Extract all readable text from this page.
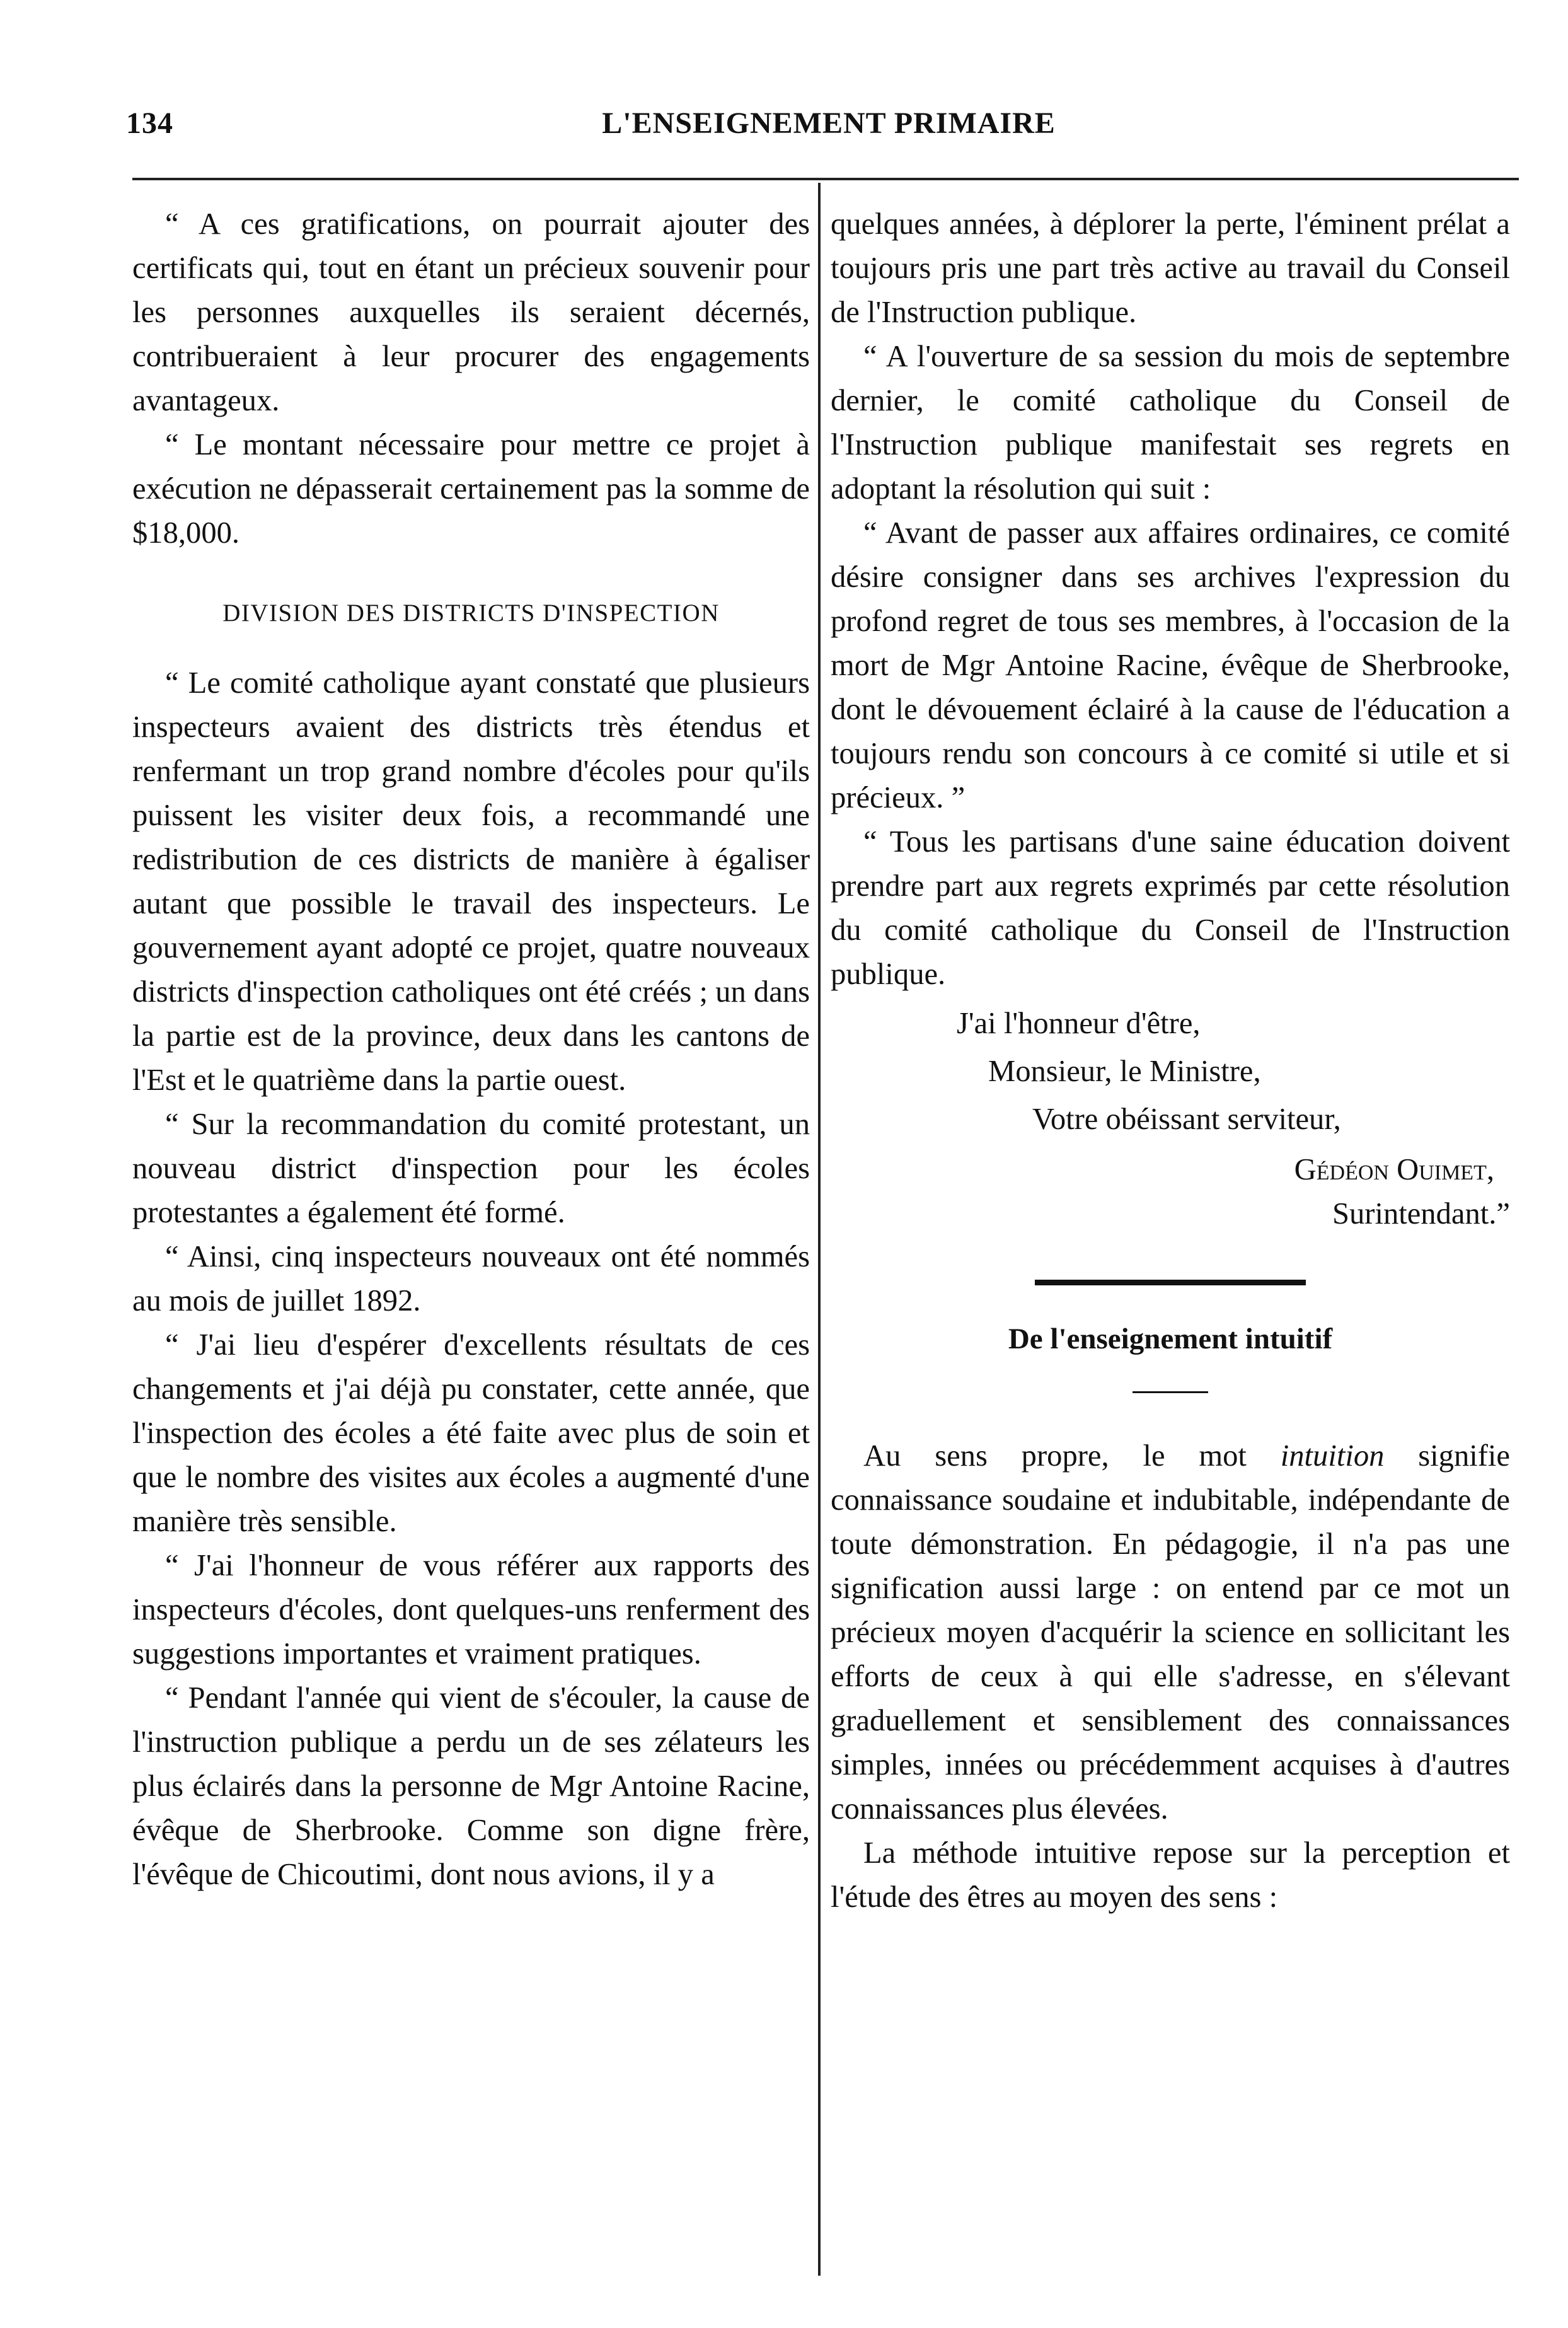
134	L'ENSEIGNEMENT PRIMAIRE

“ A ces gratifications, on pourrait ajouter des certificats qui, tout en étant un précieux souvenir pour les personnes auxquelles ils seraient décernés, contribueraient à leur procurer des engagements avantageux.

“ Le montant nécessaire pour mettre ce projet à exécution ne dépasserait certainement pas la somme de $18,000.

DIVISION DES DISTRICTS D'INSPECTION

“ Le comité catholique ayant constaté que plusieurs inspecteurs avaient des districts très étendus et renfermant un trop grand nombre d'écoles pour qu'ils puissent les visiter deux fois, a recommandé une redistribution de ces districts de manière à égaliser autant que possible le travail des inspecteurs. Le gouvernement ayant adopté ce projet, quatre nouveaux districts d'inspection catholiques ont été créés ; un dans la partie est de la province, deux dans les cantons de l'Est et le quatrième dans la partie ouest.

“ Sur la recommandation du comité protestant, un nouveau district d'inspection pour les écoles protestantes a également été formé.

“ Ainsi, cinq inspecteurs nouveaux ont été nommés au mois de juillet 1892.

“ J'ai lieu d'espérer d'excellents résultats de ces changements et j'ai déjà pu constater, cette année, que l'inspection des écoles a été faite avec plus de soin et que le nombre des visites aux écoles a augmenté d'une manière très sensible.

“ J'ai l'honneur de vous référer aux rapports des inspecteurs d'écoles, dont quelques-uns renferment des suggestions importantes et vraiment pratiques.

“ Pendant l'année qui vient de s'écouler, la cause de l'instruction publique a perdu un de ses zélateurs les plus éclairés dans la personne de Mgr Antoine Racine, évêque de Sherbrooke. Comme son digne frère, l'évêque de Chicoutimi, dont nous avions, il y a

quelques années, à déplorer la perte, l'éminent prélat a toujours pris une part très active au travail du Conseil de l'Instruction publique.

“ A l'ouverture de sa session du mois de septembre dernier, le comité catholique du Conseil de l'Instruction publique manifestait ses regrets en adoptant la résolution qui suit :

“ Avant de passer aux affaires ordinaires, ce comité désire consigner dans ses archives l'expression du profond regret de tous ses membres, à l'occasion de la mort de Mgr Antoine Racine, évêque de Sherbrooke, dont le dévouement éclairé à la cause de l'éducation a toujours rendu son concours à ce comité si utile et si précieux. ”

“ Tous les partisans d'une saine éducation doivent prendre part aux regrets exprimés par cette résolution du comité catholique du Conseil de l'Instruction publique.

J'ai l'honneur d'être,

Monsieur, le Ministre,

Votre obéissant serviteur,

Gédéon Ouimet,
Surintendant.”

De l'enseignement intuitif

Au sens propre, le mot intuition signifie connaissance soudaine et indubitable, indépendante de toute démonstration. En pédagogie, il n'a pas une signification aussi large : on entend par ce mot un précieux moyen d'acquérir la science en sollicitant les efforts de ceux à qui elle s'adresse, en s'élevant graduellement et sensiblement des connaissances simples, innées ou précédemment acquises à d'autres connaissances plus élevées.

La méthode intuitive repose sur la perception et l'étude des êtres au moyen des sens :
